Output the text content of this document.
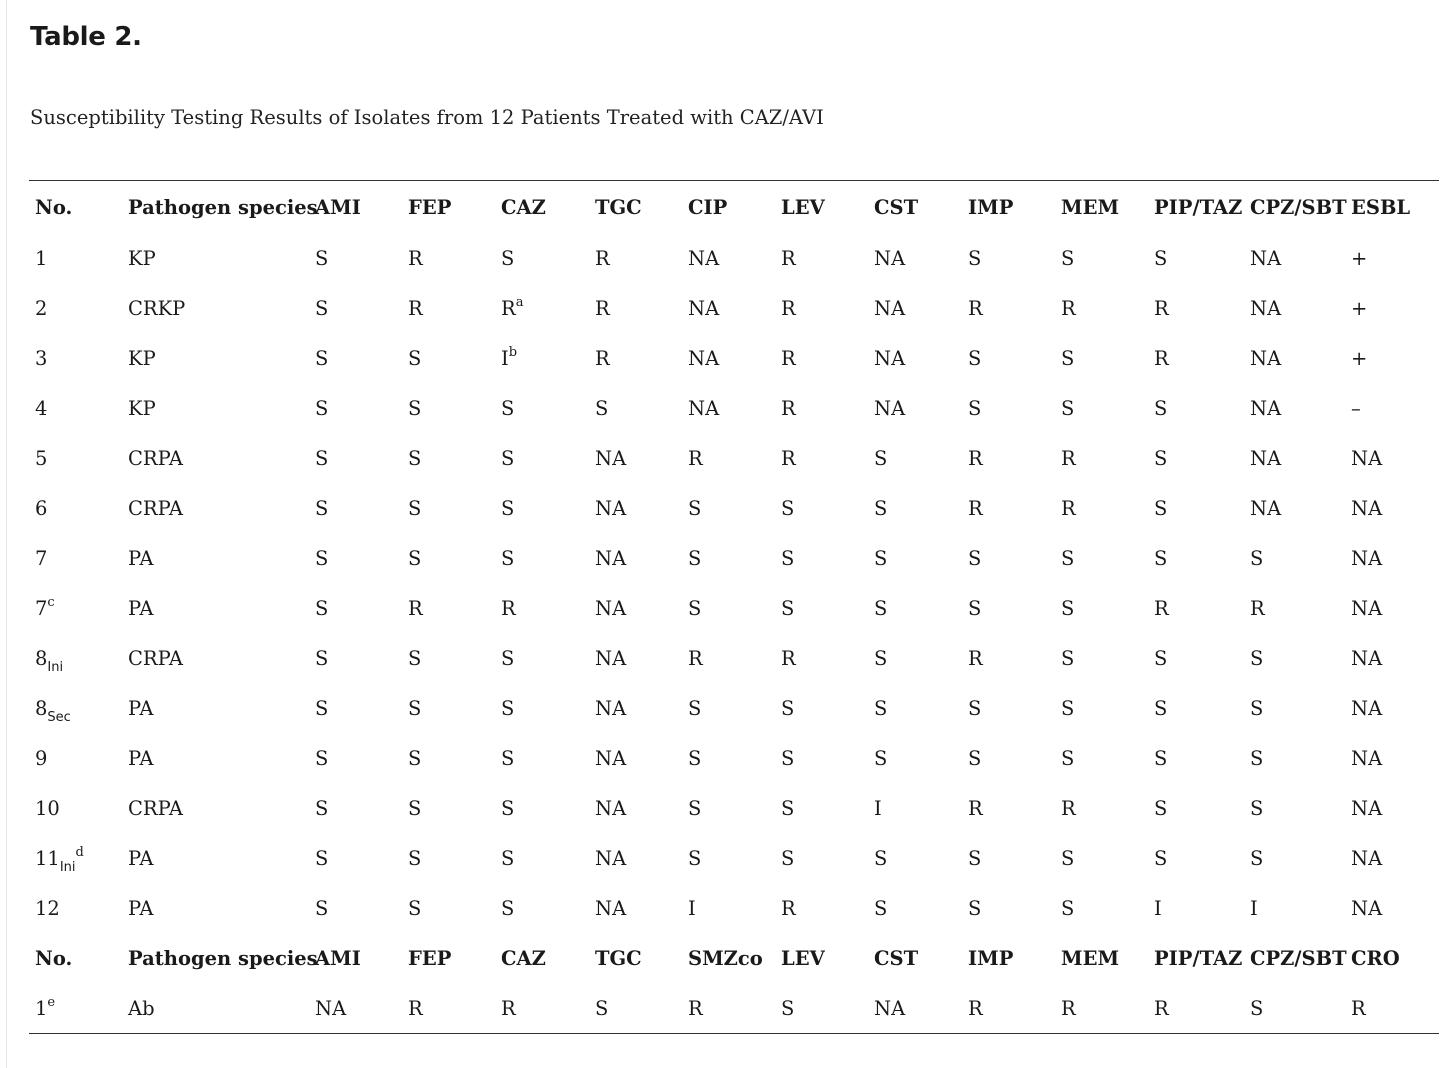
Table 2.

Susceptibility Testing Results of Isolates from 12 Patients Treated with CAZ/AVI

No.	Pathogen species	AMI	FEP	CAZ	TGC	CIP	LEV	CST	IMP	MEM	PIP/TAZ	CPZ/SBT	ESBL
1	KP	S	R	S	R	NA	R	NA	S	S	S	NA	+
2	CRKP	S	R	$R^a$	R	NA	R	NA	R	R	R	NA	+
3	KP	S	S	$I^b$	R	NA	R	NA	S	S	R	NA	+
4	KP	S	S	S	S	NA	R	NA	S	S	S	NA	–
5	CRPA	S	S	S	NA	R	R	S	R	R	S	NA	NA
6	CRPA	S	S	S	NA	S	S	S	R	R	S	NA	NA
7	PA	S	S	S	NA	S	S	S	S	S	S	S	NA
7$^c$	PA	S	R	R	NA	S	S	S	S	S	R	R	NA
$8_{Ini}$	CRPA	S	S	S	NA	R	R	S	R	S	S	S	NA
$8_{Sec}$	PA	S	S	S	NA	S	S	S	S	S	S	S	NA
9	PA	S	S	S	NA	S	S	S	S	S	S	S	NA
10	CRPA	S	S	S	NA	S	S	I	R	R	S	S	NA
$11_{Ini}^d$	PA	S	S	S	NA	S	S	S	S	S	S	S	NA
12	PA	S	S	S	NA	I	R	S	S	S	I	I	NA
No.	Pathogen species	AMI	FEP	CAZ	TGC	SMZco	LEV	CST	IMP	MEM	PIP/TAZ	CPZ/SBT	CRO
1e	Ab	NA	R	R	S	R	S	NA	R	R	R	S	R
